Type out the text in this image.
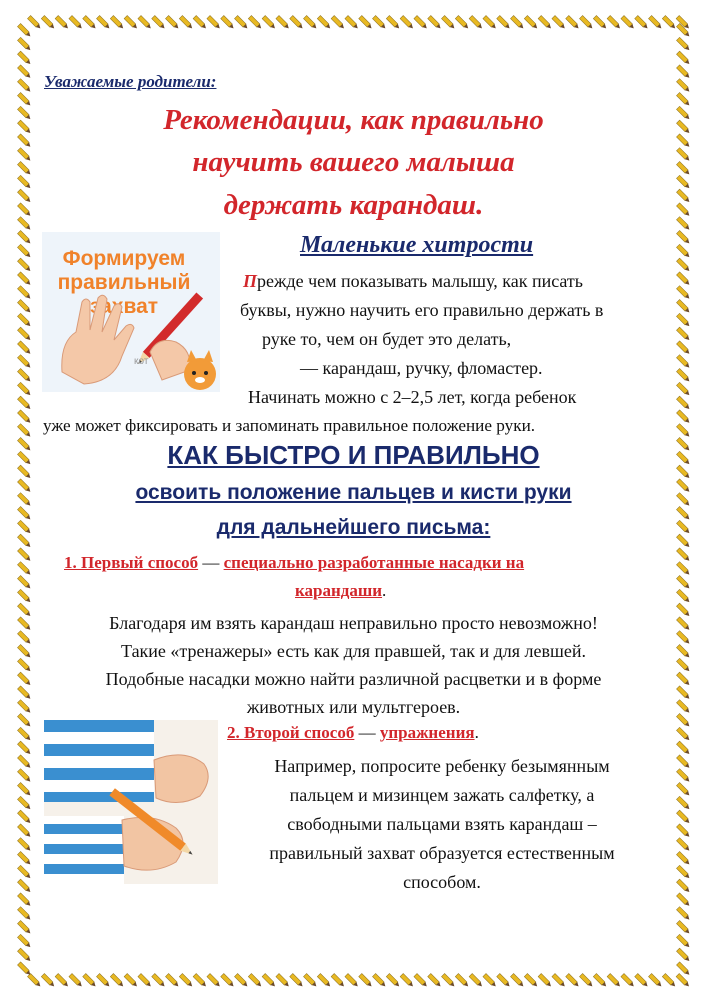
Уважаемые родители:

Рекомендации, как правильно

научить вашего малыша

держать карандаш.

Формируем
правильный
захват
кот

Маленькие хитрости

Прежде чем показывать малышу, как писать

буквы, нужно научить его правильно держать в

руке то, чем он будет это делать,

— карандаш, ручку, фломастер.

Начинать можно с 2–2,5 лет, когда ребенок

уже может фиксировать и запоминать правильное положение руки.

КАК БЫСТРО И ПРАВИЛЬНО

освоить положение пальцев и кисти руки

для дальнейшего письма:

1. Первый способ — специально разработанные насадки на

карандаши.

Благодаря им взять карандаш неправильно просто невозможно!

Такие «тренажеры» есть как для правшей, так и для левшей.

Подобные насадки можно найти различной расцветки и в форме

животных или мультгероев.

2. Второй способ — упражнения.

Например, попросите ребенку безымянным

пальцем и мизинцем зажать салфетку, а

свободными пальцами взять карандаш –

правильный захват образуется естественным

способом.
